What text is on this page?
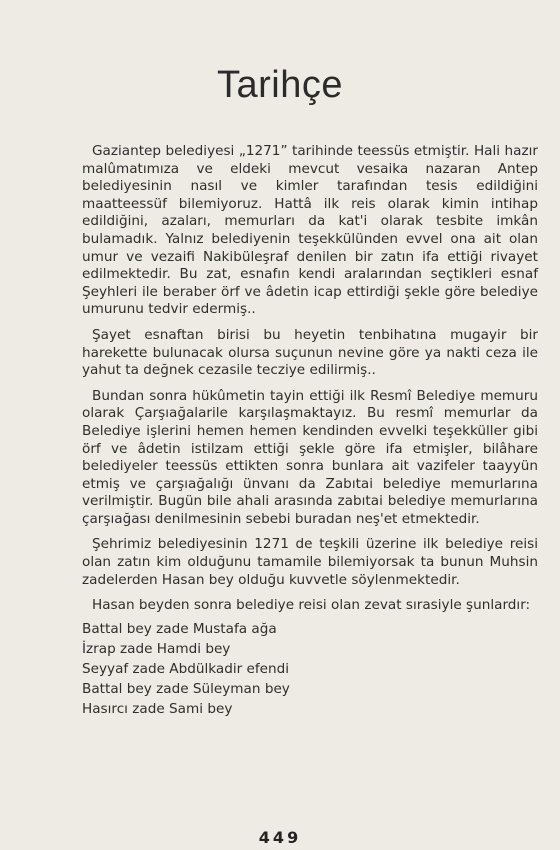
Tarihçe

Gaziantep belediyesi „1271” tarihinde teessüs etmiştir. Hali hazır malûmatımıza ve eldeki mevcut vesaika nazaran Antep belediyesinin nasıl ve kimler tarafından tesis edildiğini maatteessüf bilemiyoruz. Hattâ ilk reis olarak kimin intihap edildiğini, azaları, memurları da kat'i olarak tesbite imkân bulamadık. Yalnız belediyenin teşekkülünden evvel ona ait olan umur ve vezaifi Nakibüleşraf denilen bir zatın ifa ettiği rivayet edilmektedir. Bu zat, esnafın kendi aralarından seçtikleri esnaf Şeyhleri ile beraber örf ve âdetin icap ettirdiği şekle göre belediye umurunu tedvir edermiş..

Şayet esnaftan birisi bu heyetin tenbihatına mugayir bir harekette bulunacak olursa suçunun nevine göre ya nakti ceza ile yahut ta değnek cezasile tecziye edilirmiş..

Bundan sonra hükûmetin tayin ettiği ilk Resmî Belediye memuru olarak Çarşıağalarile karşılaşmaktayız. Bu resmî memurlar da Belediye işlerini hemen hemen kendinden evvelki teşekküller gibi örf ve âdetin istilzam ettiği şekle göre ifa etmişler, bilâhare belediyeler teessüs ettikten sonra bunlara ait vazifeler taayyün etmiş ve çarşıağalığı ünvanı da Zabıtai belediye memurlarına verilmiştir. Bugün bile ahali arasında zabıtai belediye memurlarına çarşıağası denilmesinin sebebi buradan neş'et etmektedir.

Şehrimiz belediyesinin 1271 de teşkili üzerine ilk belediye reisi olan zatın kim olduğunu tamamile bilemiyorsak ta bunun Muhsin zadelerden Hasan bey olduğu kuvvetle söylenmektedir.

Hasan beyden sonra belediye reisi olan zevat sırasiyle şunlardır:

Battal bey zade Mustafa ağa
İzrap zade Hamdi bey
Seyyaf zade Abdülkadir efendi
Battal bey zade Süleyman bey
Hasırcı zade Sami bey
449
